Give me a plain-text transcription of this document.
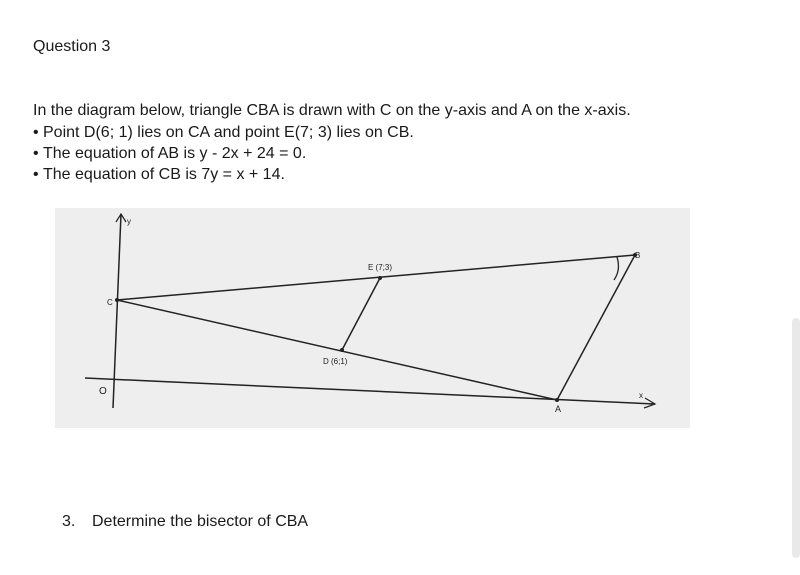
Question 3
In the diagram below, triangle CBA is drawn with C on the y-axis and A on the x-axis.
• Point D(6; 1) lies on CA and point E(7; 3) lies on CB.
• The equation of AB is y - 2x + 24 = 0.
• The equation of CB is 7y = x + 14.
y
x
O
C
B
A
E (7;3)
D (6;1)
3. Determine the bisector of CBA
